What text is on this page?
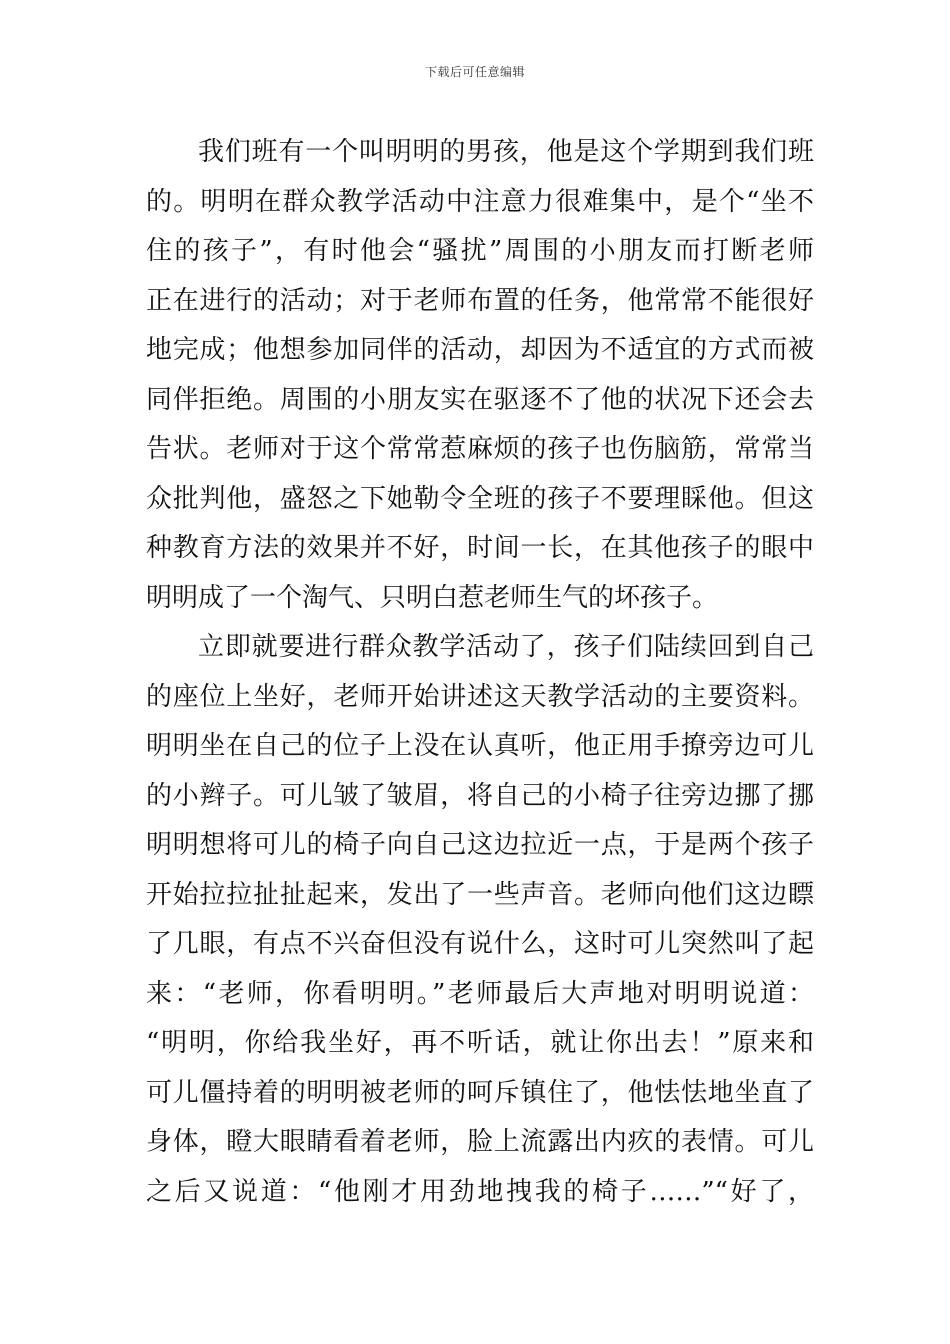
下载后可任意编辑
我们班有一个叫明明的男孩，他是这个学期到我们班
的。明明在群众教学活动中注意力很难集中，是个“坐不
住的孩子”，有时他会“骚扰”周围的小朋友而打断老师
正在进行的活动；对于老师布置的任务，他常常不能很好
地完成；他想参加同伴的活动，却因为不适宜的方式而被
同伴拒绝。周围的小朋友实在驱逐不了他的状况下还会去
告状。老师对于这个常常惹麻烦的孩子也伤脑筋，常常当
众批判他，盛怒之下她勒令全班的孩子不要理睬他。但这
种教育方法的效果并不好，时间一长，在其他孩子的眼中
明明成了一个淘气、只明白惹老师生气的坏孩子。
立即就要进行群众教学活动了，孩子们陆续回到自己
的座位上坐好，老师开始讲述这天教学活动的主要资料。
明明坐在自己的位子上没在认真听，他正用手撩旁边可儿
的小辫子。可儿皱了皱眉，将自己的小椅子往旁边挪了挪
明明想将可儿的椅子向自己这边拉近一点，于是两个孩子
开始拉拉扯扯起来，发出了一些声音。老师向他们这边瞟
了几眼，有点不兴奋但没有说什么，这时可儿突然叫了起
来：“老师，你看明明。”老师最后大声地对明明说道：
“明明，你给我坐好，再不听话，就让你出去！”原来和
可儿僵持着的明明被老师的呵斥镇住了，他怯怯地坐直了
身体，瞪大眼睛看着老师，脸上流露出内疚的表情。可儿
之后又说道：“他刚才用劲地拽我的椅子……”“好了，
